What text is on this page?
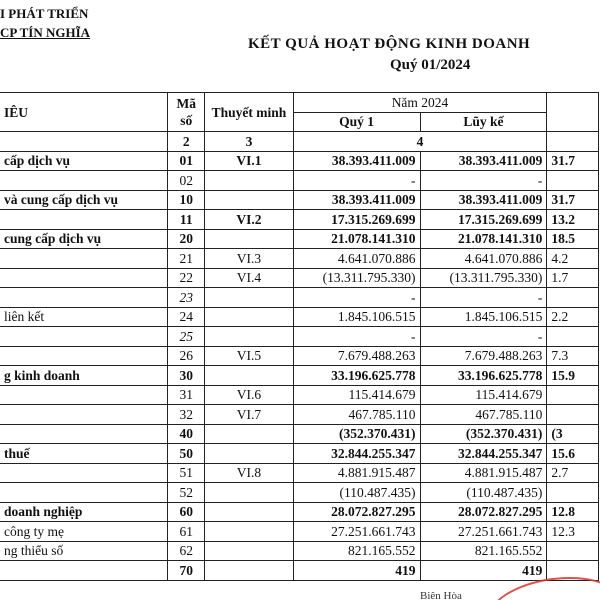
I PHÁT TRIỂN
CP TÍN NGHĨA
KẾT QUẢ HOẠT ĐỘNG KINH DOANH
Quý 01/2024
IÊU	Mã số	Thuyết minh	Năm 2024		
			Quý 1	Lũy kế	
	2	3	4		
cấp dịch vụ	01	VI.1	38.393.411.009	38.393.411.009	31.7
	02		-	-	
và cung cấp dịch vụ	10		38.393.411.009	38.393.411.009	31.7
	11	VI.2	17.315.269.699	17.315.269.699	13.2
cung cấp dịch vụ	20		21.078.141.310	21.078.141.310	18.5
	21	VI.3	4.641.070.886	4.641.070.886	4.2
	22	VI.4	(13.311.795.330)	(13.311.795.330)	1.7
	23		-	-	
liên kết	24		1.845.106.515	1.845.106.515	2.2
	25		-	-	
	26	VI.5	7.679.488.263	7.679.488.263	7.3
g kinh doanh	30		33.196.625.778	33.196.625.778	15.9
	31	VI.6	115.414.679	115.414.679	
	32	VI.7	467.785.110	467.785.110	
	40		(352.370.431)	(352.370.431)	(3
thuế	50		32.844.255.347	32.844.255.347	15.6
	51	VI.8	4.881.915.487	4.881.915.487	2.7
	52		(110.487.435)	(110.487.435)	
doanh nghiệp	60		28.072.827.295	28.072.827.295	12.8
công ty mẹ	61		27.251.661.743	27.251.661.743	12.3
ng thiểu số	62		821.165.552	821.165.552	
	70		419	419	
Biên Hòa
